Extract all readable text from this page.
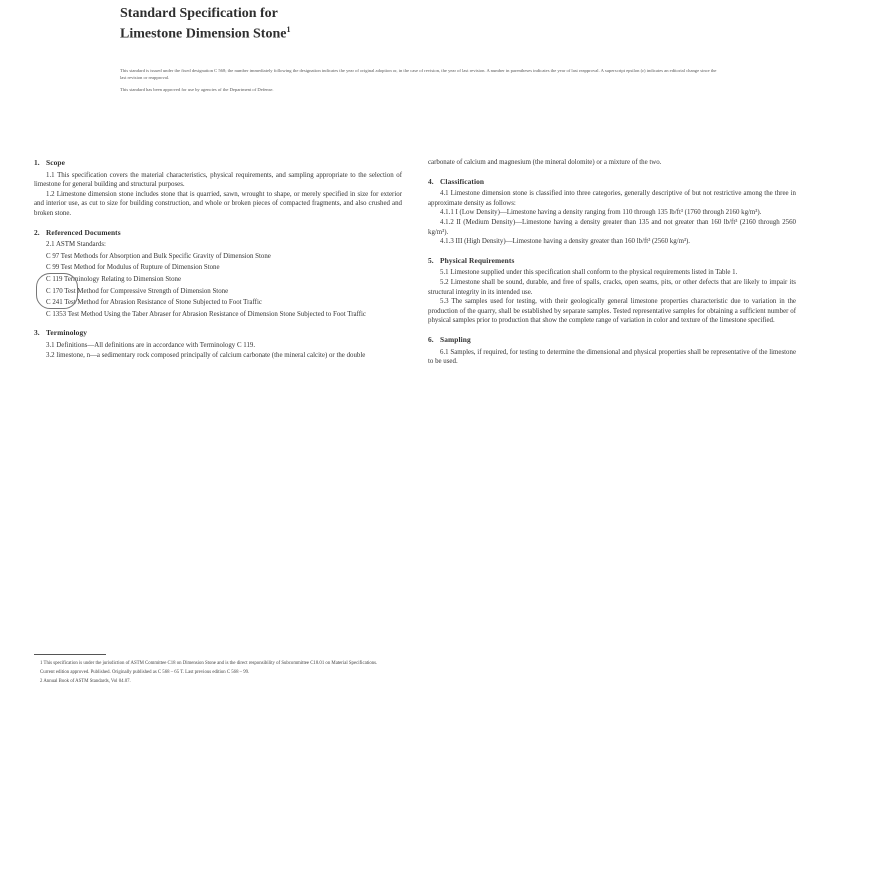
Standard Specification for
Limestone Dimension Stone$^1$

This standard is issued under the fixed designation C 568; the number immediately following the designation indicates the year of original adoption or, in the case of revision, the year of last revision. A number in parentheses indicates the year of last reapproval. A superscript epsilon (ε) indicates an editorial change since the last revision or reapproval.

This standard has been approved for use by agencies of the Department of Defense.

1. Scope

1.1 This specification covers the material characteristics, physical requirements, and sampling appropriate to the selection of limestone for general building and structural purposes.

1.2 Limestone dimension stone includes stone that is quarried, sawn, wrought to shape, or merely specified in size for exterior and interior use, as cut to size for building construction, and whole or broken pieces of compacted fragments, and also crushed and broken stone.

2. Referenced Documents
2.1 ASTM Standards:
C 97 Test Methods for Absorption and Bulk Specific Gravity of Dimension Stone
C 99 Test Method for Modulus of Rupture of Dimension Stone
C 119 Terminology Relating to Dimension Stone
C 170 Test Method for Compressive Strength of Dimension Stone
C 241 Test Method for Abrasion Resistance of Stone Subjected to Foot Traffic
C 1353 Test Method Using the Taber Abraser for Abrasion Resistance of Dimension Stone Subjected to Foot Traffic
3. Terminology

3.1 Definitions—All definitions are in accordance with Terminology C 119.

3.2 limestone, n—a sedimentary rock composed principally of calcium carbonate (the mineral calcite) or the double

1 This specification is under the jurisdiction of ASTM Committee C18 on Dimension Stone and is the direct responsibility of Subcommittee C18.01 on Material Specifications.

Current edition approved. Published. Originally published as C 568 – 65 T. Last previous edition C 568 – 99.

2 Annual Book of ASTM Standards, Vol 04.07.

carbonate of calcium and magnesium (the mineral dolomite) or a mixture of the two.

4. Classification

4.1 Limestone dimension stone is classified into three categories, generally descriptive of but not restrictive among the three in approximate density as follows:

4.1.1 I (Low Density)—Limestone having a density ranging from 110 through 135 lb/ft³ (1760 through 2160 kg/m³).

4.1.2 II (Medium Density)—Limestone having a density greater than 135 and not greater than 160 lb/ft³ (2160 through 2560 kg/m³).

4.1.3 III (High Density)—Limestone having a density greater than 160 lb/ft³ (2560 kg/m³).

5. Physical Requirements

5.1 Limestone supplied under this specification shall conform to the physical requirements listed in Table 1.

5.2 Limestone shall be sound, durable, and free of spalls, cracks, open seams, pits, or other defects that are likely to impair its structural integrity in its intended use.

5.3 The samples used for testing, with their geologically general limestone properties characteristic due to variation in the production of the quarry, shall be established by separate samples. Tested representative samples for obtaining a sufficient number of physical samples prior to production that show the complete range of variation in color and texture of the limestone specified.

6. Sampling

6.1 Samples, if required, for testing to determine the dimensional and physical properties shall be representative of the limestone to be used.
